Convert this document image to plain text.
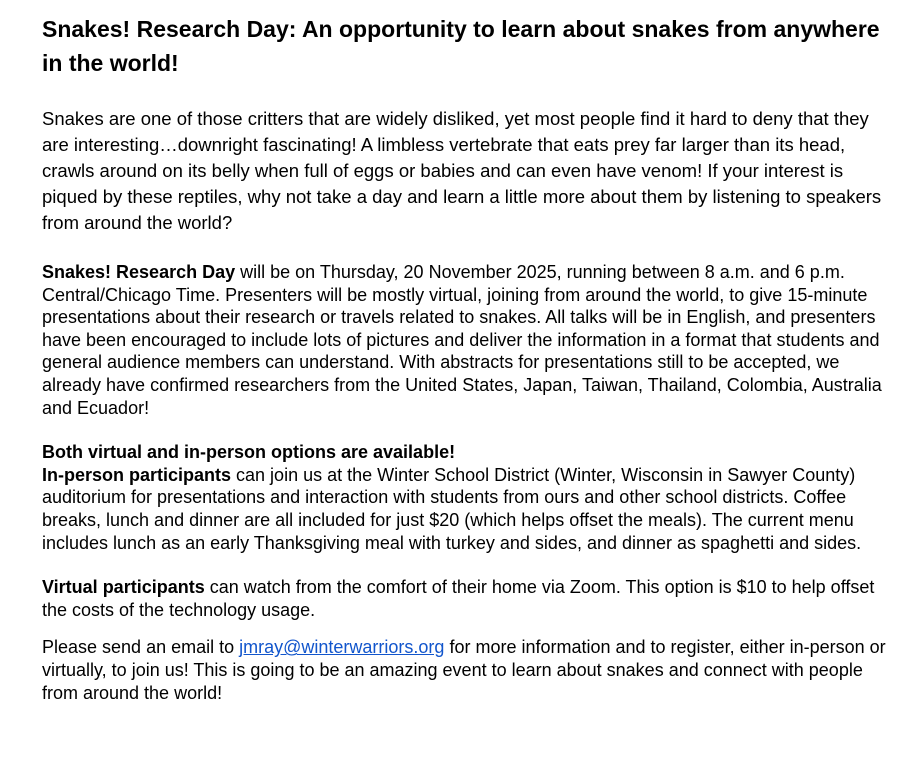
Snakes! Research Day: An opportunity to learn about snakes from anywhere in the world!

Snakes are one of those critters that are widely disliked, yet most people find it hard to deny that they are interesting…downright fascinating! A limbless vertebrate that eats prey far larger than its head, crawls around on its belly when full of eggs or babies and can even have venom! If your interest is piqued by these reptiles, why not take a day and learn a little more about them by listening to speakers from around the world?

Snakes! Research Day will be on Thursday, 20 November 2025, running between 8 a.m. and 6 p.m. Central/Chicago Time. Presenters will be mostly virtual, joining from around the world, to give 15-minute presentations about their research or travels related to snakes. All talks will be in English, and presenters have been encouraged to include lots of pictures and deliver the information in a format that students and general audience members can understand. With abstracts for presentations still to be accepted, we already have confirmed researchers from the United States, Japan, Taiwan, Thailand, Colombia, Australia and Ecuador!

Both virtual and in-person options are available!

In-person participants can join us at the Winter School District (Winter, Wisconsin in Sawyer County) auditorium for presentations and interaction with students from ours and other school districts. Coffee breaks, lunch and dinner are all included for just $20 (which helps offset the meals). The current menu includes lunch as an early Thanksgiving meal with turkey and sides, and dinner as spaghetti and sides.

Virtual participants can watch from the comfort of their home via Zoom. This option is $10 to help offset the costs of the technology usage.

Please send an email to jmray@winterwarriors.org for more information and to register, either in-person or virtually, to join us! This is going to be an amazing event to learn about snakes and connect with people from around the world!
